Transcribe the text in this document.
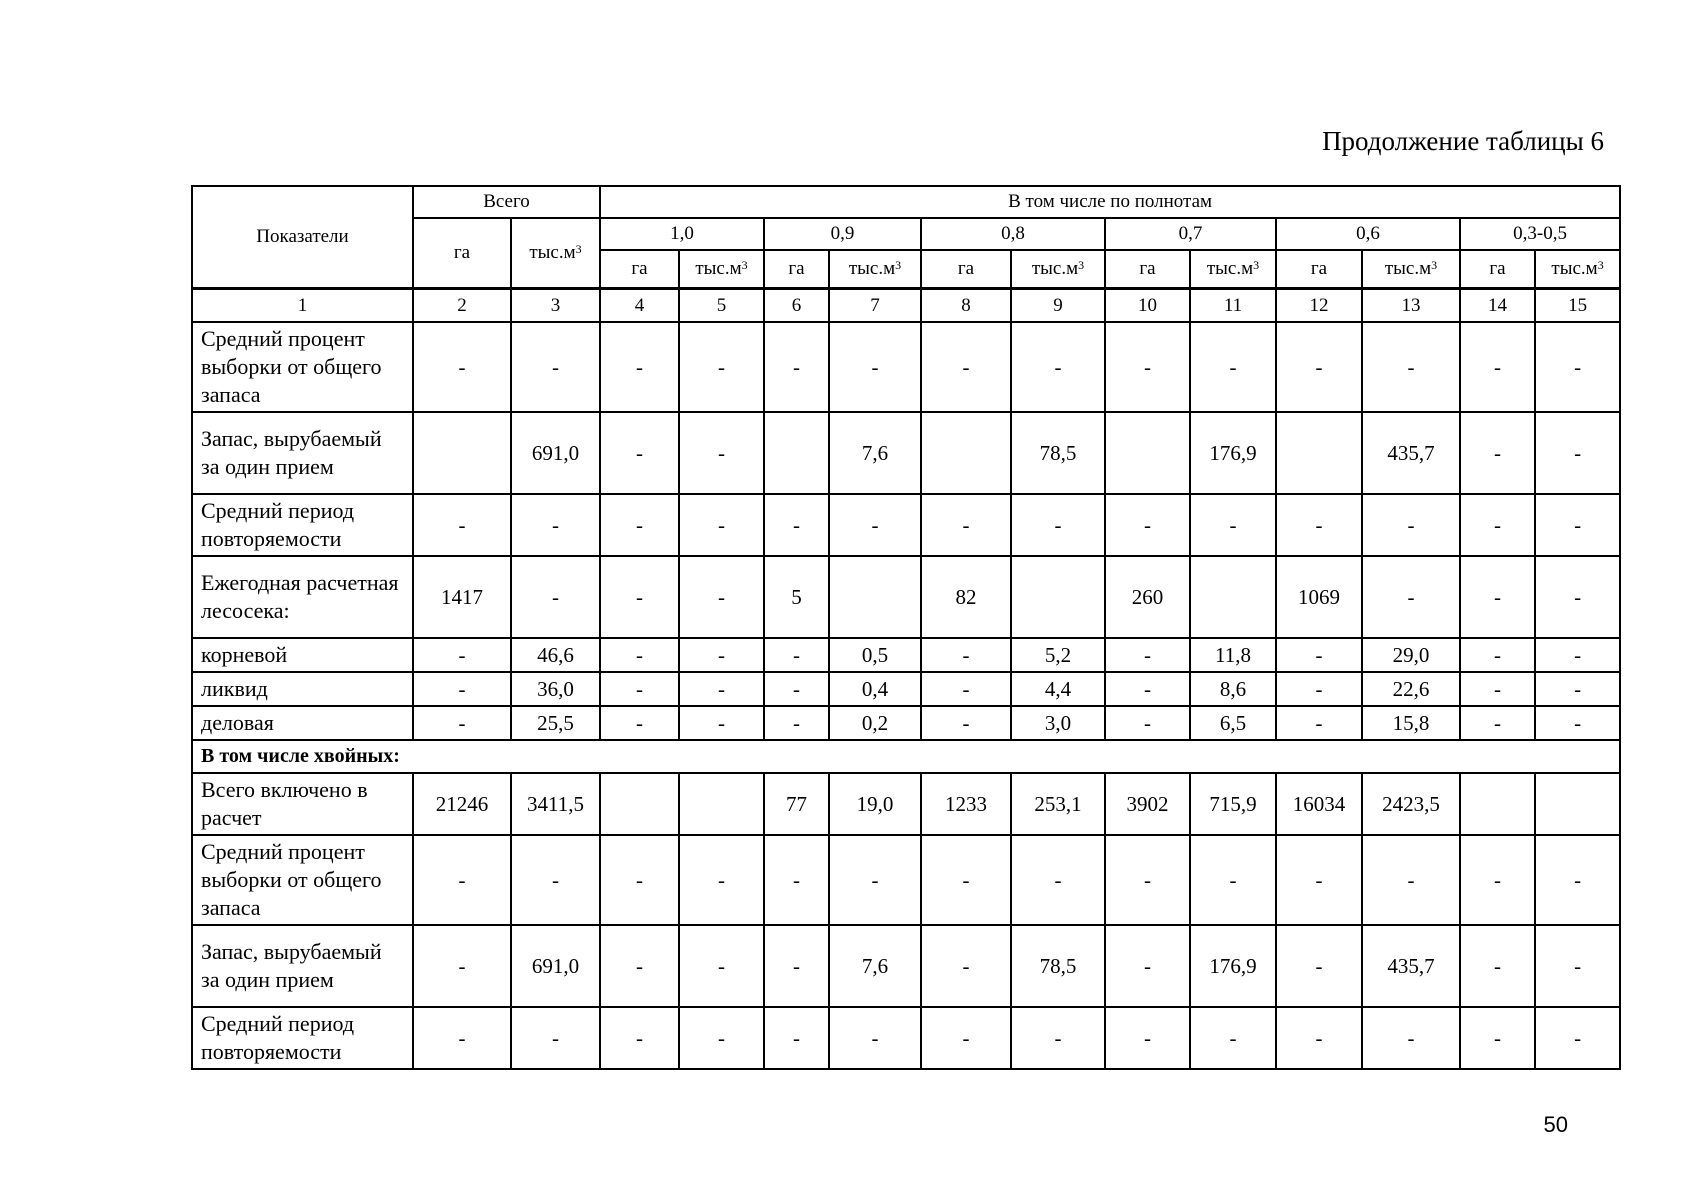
Продолжение таблицы 6
Показатели	Всего		В том числе по полнотам											
	га	$тыс.м^3$	1,0		0,9		0,8		0,7		0,6		0,3-0,5	
			га	$тыс.м^3$	га	$тыс.м^3$	га	$тыс.м^3$	га	$тыс.м^3$	га	$тыс.м^3$	га	$тыс.м^3$
1	2	3	4	5	6	7	8	9	10	11	12	13	14	15
Средний процент выборки от общего запаса	-	-	-	-	-	-	-	-	-	-	-	-	-	-
Запас, вырубаемый за один прием		691,0	-	-		7,6		78,5		176,9		435,7	-	-
Средний период повторяемости	-	-	-	-	-	-	-	-	-	-	-	-	-	-
Ежегодная расчетная лесосека:	1417	-	-	-	5		82		260		1069	-	-	-
корневой	-	46,6	-	-	-	0,5	-	5,2	-	11,8	-	29,0	-	-
ликвид	-	36,0	-	-	-	0,4	-	4,4	-	8,6	-	22,6	-	-
деловая	-	25,5	-	-	-	0,2	-	3,0	-	6,5	-	15,8	-	-
В том числе хвойных:														
Всего включено в расчет	21246	3411,5			77	19,0	1233	253,1	3902	715,9	16034	2423,5		
Средний процент выборки от общего запаса	-	-	-	-	-	-	-	-	-	-	-	-	-	-
Запас, вырубаемый за один прием	-	691,0	-	-	-	7,6	-	78,5	-	176,9	-	435,7	-	-
Средний период повторяемости	-	-	-	-	-	-	-	-	-	-	-	-	-	-
50
